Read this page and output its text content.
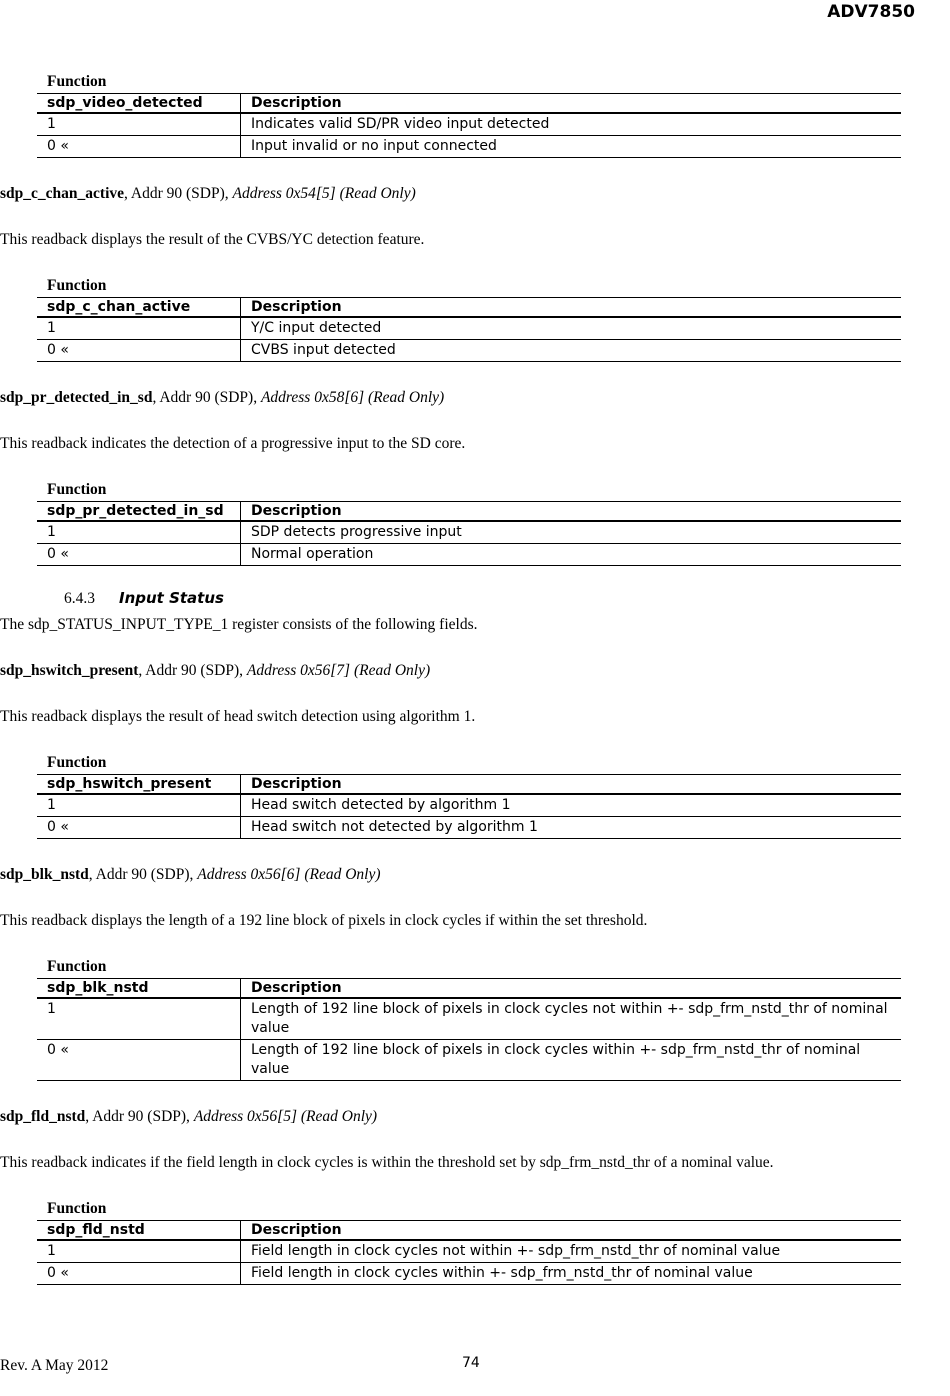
ADV7850
Function	
sdp_video_detected	Description
1	Indicates valid SD/PR video input detected
0 «	Input invalid or no input connected

sdp_c_chan_active, Addr 90 (SDP), Address 0x54[5] (Read Only)

This readback displays the result of the CVBS/YC detection feature.

Function	
sdp_c_chan_active	Description
1	Y/C input detected
0 «	CVBS input detected

sdp_pr_detected_in_sd, Addr 90 (SDP), Address 0x58[6] (Read Only)

This readback indicates the detection of a progressive input to the SD core.

Function	
sdp_pr_detected_in_sd	Description
1	SDP detects progressive input
0 «	Normal operation

6.4.3 Input Status

The sdp_STATUS_INPUT_TYPE_1 register consists of the following fields.

sdp_hswitch_present, Addr 90 (SDP), Address 0x56[7] (Read Only)

This readback displays the result of head switch detection using algorithm 1.

Function	
sdp_hswitch_present	Description
1	Head switch detected by algorithm 1
0 «	Head switch not detected by algorithm 1

sdp_blk_nstd, Addr 90 (SDP), Address 0x56[6] (Read Only)

This readback displays the length of a 192 line block of pixels in clock cycles if within the set threshold.

Function	
sdp_blk_nstd	Description
1	Length of 192 line block of pixels in clock cycles not within +- sdp_frm_nstd_thr of nominal value
0 «	Length of 192 line block of pixels in clock cycles within +- sdp_frm_nstd_thr of nominal value

sdp_fld_nstd, Addr 90 (SDP), Address 0x56[5] (Read Only)

This readback indicates if the field length in clock cycles is within the threshold set by sdp_frm_nstd_thr of a nominal value.

Function	
sdp_fld_nstd	Description
1	Field length in clock cycles not within +- sdp_frm_nstd_thr of nominal value
0 «	Field length in clock cycles within +- sdp_frm_nstd_thr of nominal value
Rev. A May 2012	74
